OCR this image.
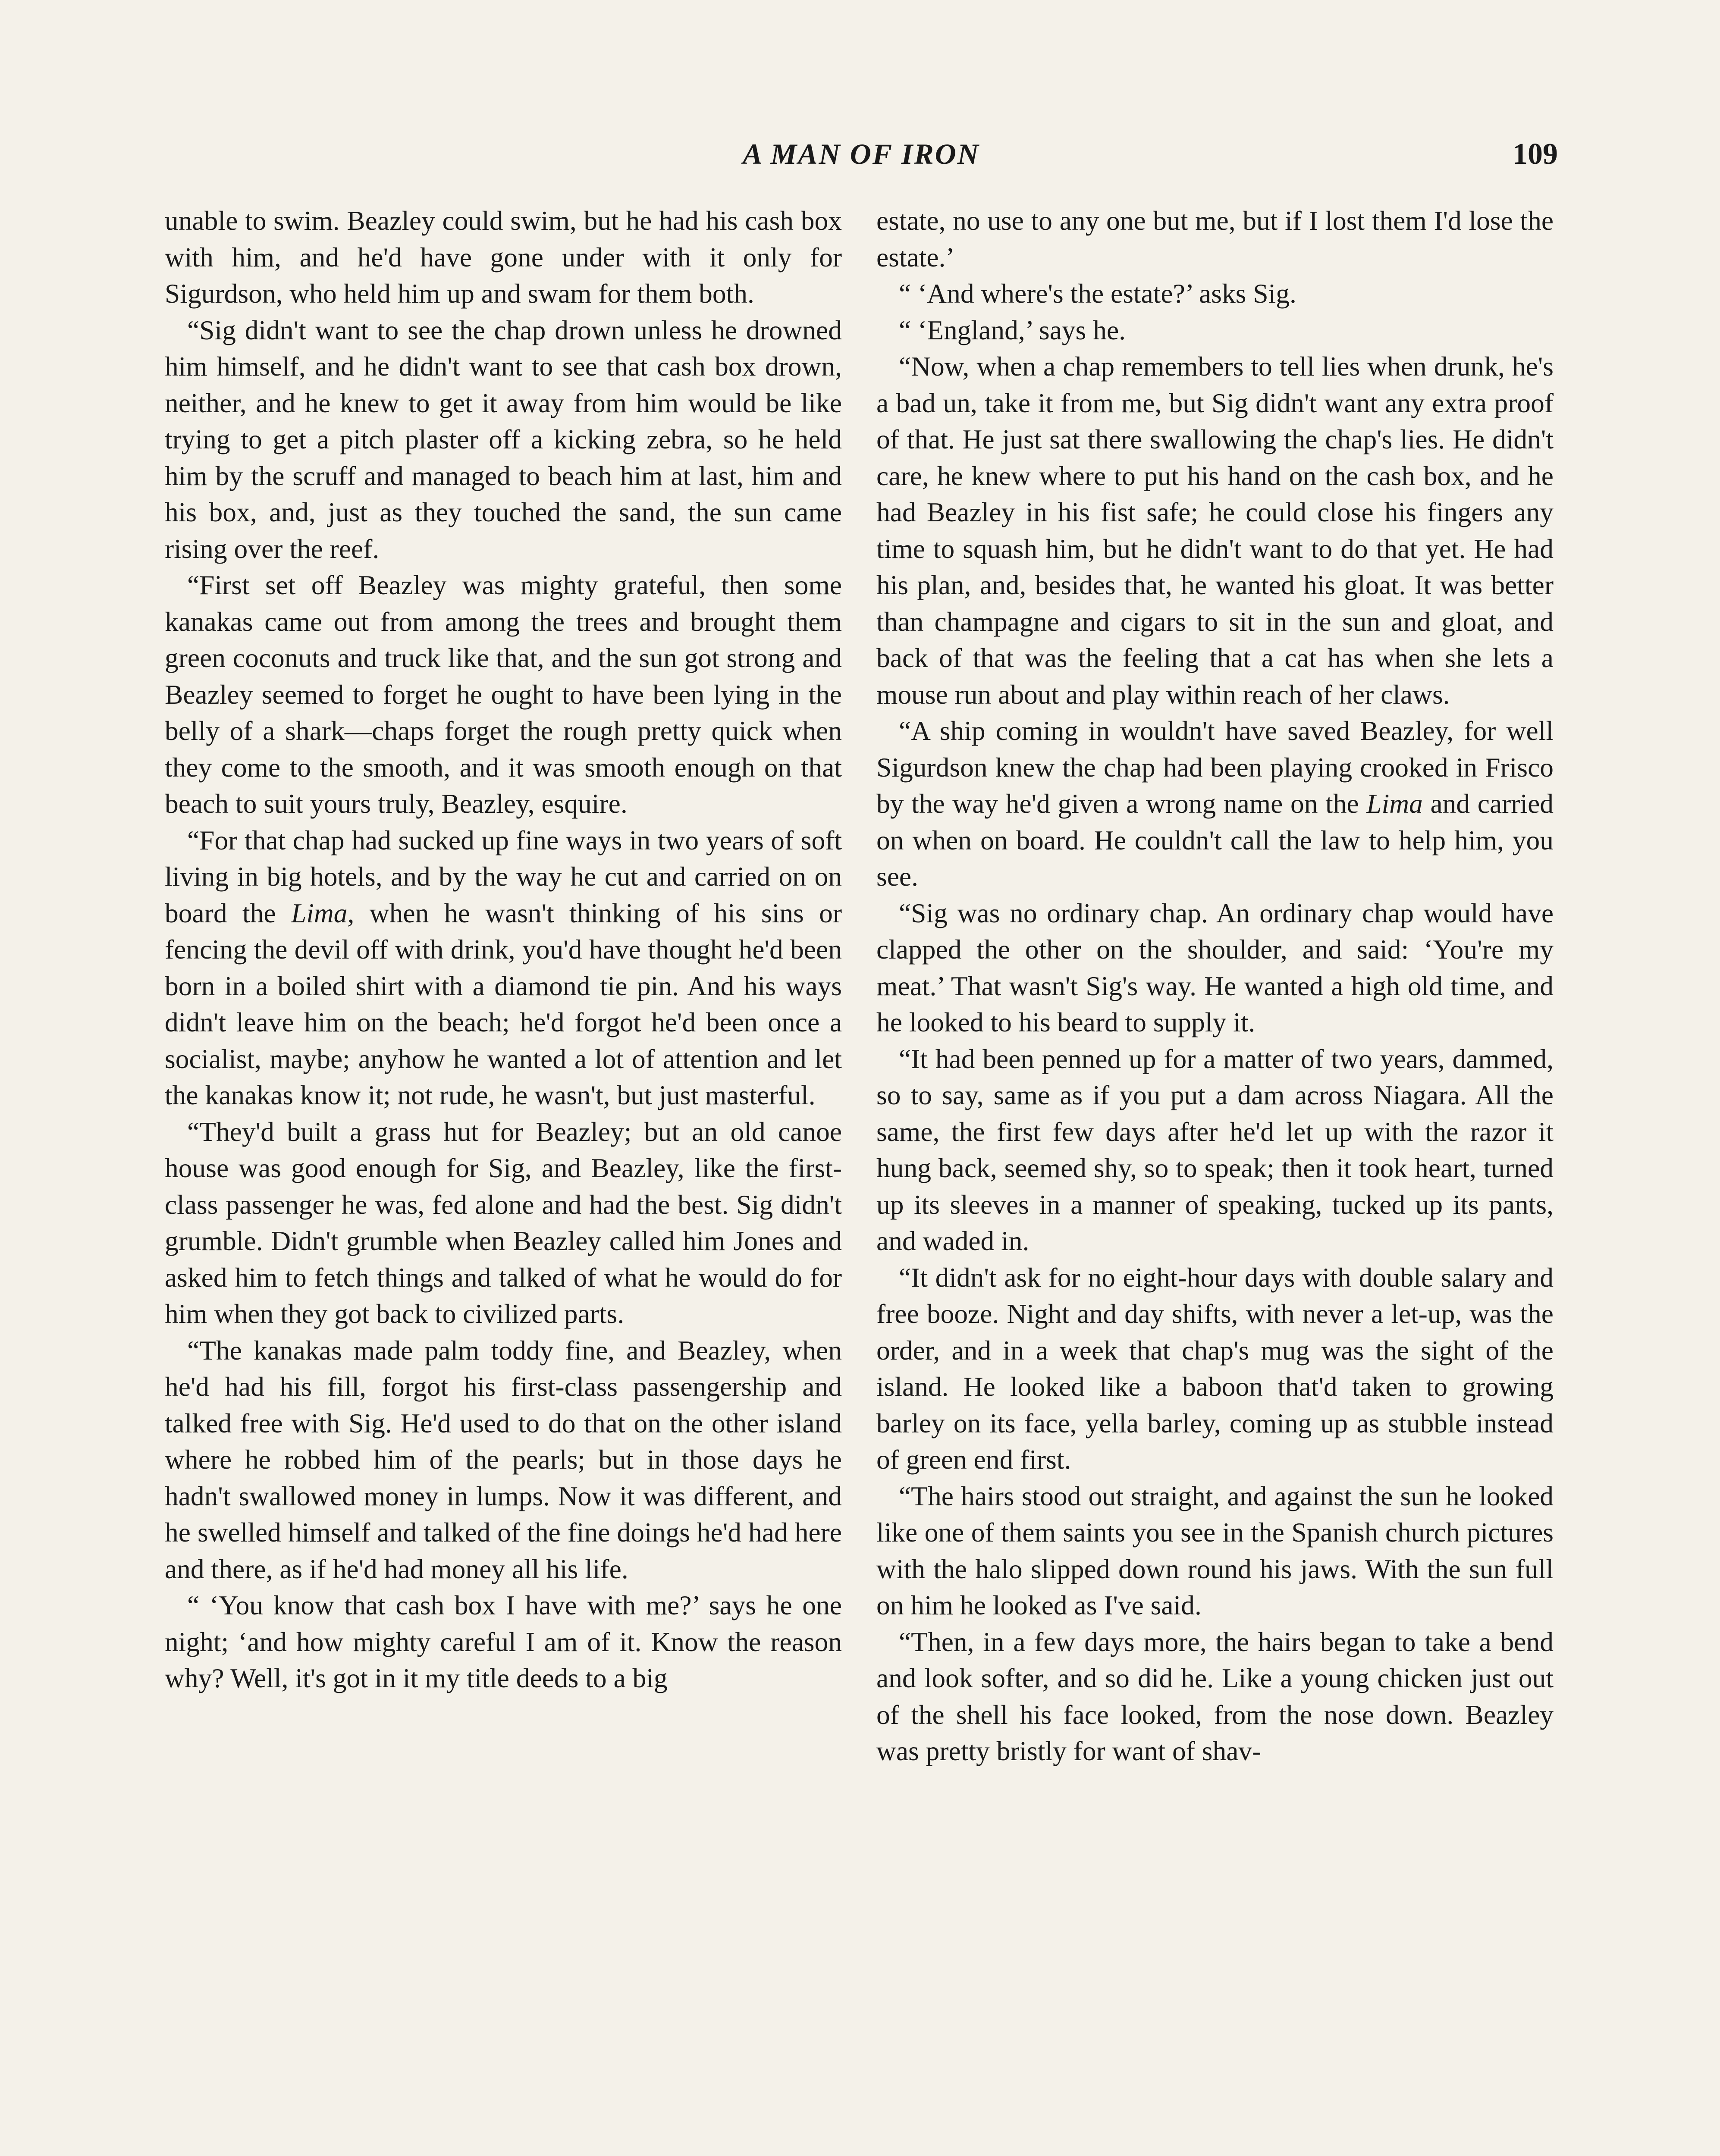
A MAN OF IRON	109

unable to swim. Beazley could swim, but he had his cash box with him, and he'd have gone under with it only for Sigurdson, who held him up and swam for them both.

“Sig didn't want to see the chap drown unless he drowned him himself, and he didn't want to see that cash box drown, neither, and he knew to get it away from him would be like trying to get a pitch plaster off a kicking zebra, so he held him by the scruff and managed to beach him at last, him and his box, and, just as they touched the sand, the sun came rising over the reef.

“First set off Beazley was mighty grateful, then some kanakas came out from among the trees and brought them green coconuts and truck like that, and the sun got strong and Beazley seemed to forget he ought to have been lying in the belly of a shark—chaps forget the rough pretty quick when they come to the smooth, and it was smooth enough on that beach to suit yours truly, Beazley, esquire.

“For that chap had sucked up fine ways in two years of soft living in big hotels, and by the way he cut and carried on on board the Lima, when he wasn't thinking of his sins or fencing the devil off with drink, you'd have thought he'd been born in a boiled shirt with a diamond tie pin. And his ways didn't leave him on the beach; he'd forgot he'd been once a socialist, maybe; anyhow he wanted a lot of attention and let the kanakas know it; not rude, he wasn't, but just masterful.

“They'd built a grass hut for Beazley; but an old canoe house was good enough for Sig, and Beazley, like the first-class passenger he was, fed alone and had the best. Sig didn't grumble. Didn't grumble when Beazley called him Jones and asked him to fetch things and talked of what he would do for him when they got back to civilized parts.

“The kanakas made palm toddy fine, and Beazley, when he'd had his fill, forgot his first-class passengership and talked free with Sig. He'd used to do that on the other island where he robbed him of the pearls; but in those days he hadn't swallowed money in lumps. Now it was different, and he swelled himself and talked of the fine doings he'd had here and there, as if he'd had money all his life.

“ ‘You know that cash box I have with me?’ says he one night; ‘and how mighty careful I am of it. Know the reason why? Well, it's got in it my title deeds to a big

estate, no use to any one but me, but if I lost them I'd lose the estate.’

“ ‘And where's the estate?’ asks Sig.

“ ‘England,’ says he.

“Now, when a chap remembers to tell lies when drunk, he's a bad un, take it from me, but Sig didn't want any extra proof of that. He just sat there swallowing the chap's lies. He didn't care, he knew where to put his hand on the cash box, and he had Beazley in his fist safe; he could close his fingers any time to squash him, but he didn't want to do that yet. He had his plan, and, besides that, he wanted his gloat. It was better than champagne and cigars to sit in the sun and gloat, and back of that was the feeling that a cat has when she lets a mouse run about and play within reach of her claws.

“A ship coming in wouldn't have saved Beazley, for well Sigurdson knew the chap had been playing crooked in Frisco by the way he'd given a wrong name on the Lima and carried on when on board. He couldn't call the law to help him, you see.

“Sig was no ordinary chap. An ordinary chap would have clapped the other on the shoulder, and said: ‘You're my meat.’ That wasn't Sig's way. He wanted a high old time, and he looked to his beard to supply it.

“It had been penned up for a matter of two years, dammed, so to say, same as if you put a dam across Niagara. All the same, the first few days after he'd let up with the razor it hung back, seemed shy, so to speak; then it took heart, turned up its sleeves in a manner of speaking, tucked up its pants, and waded in.

“It didn't ask for no eight-hour days with double salary and free booze. Night and day shifts, with never a let-up, was the order, and in a week that chap's mug was the sight of the island. He looked like a baboon that'd taken to growing barley on its face, yella barley, coming up as stubble instead of green end first.

“The hairs stood out straight, and against the sun he looked like one of them saints you see in the Spanish church pictures with the halo slipped down round his jaws. With the sun full on him he looked as I've said.

“Then, in a few days more, the hairs began to take a bend and look softer, and so did he. Like a young chicken just out of the shell his face looked, from the nose down. Beazley was pretty bristly for want of shav-
